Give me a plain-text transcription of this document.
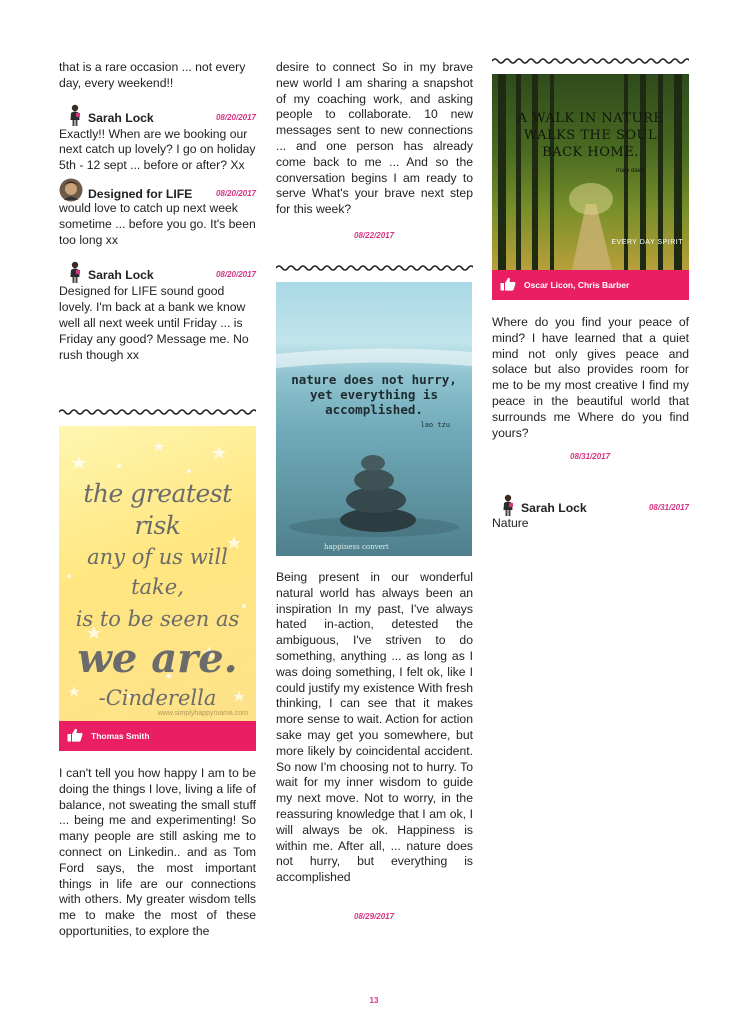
that is a rare occasion ... not every day, every weekend!!

Sarah Lock	08/20/2017

Exactly!! When are we booking our next catch up lovely? I go on holiday 5th - 12 sept ... before or after? Xx

Designed for LIFE	08/20/2017

would love to catch up next week sometime ... before you go. It's been too long xx

Sarah Lock	08/20/2017

Designed for LIFE sound good lovely. I'm back at a bank we know well all next week until Friday ... is Friday any good? Message me. No rush though xx

the greatest risk
any of us will take,
is to be seen as
we are.
-Cinderella
www.simplyhappymama.com
Thomas Smith

I can't tell you how happy I am to be doing the things I love, living a life of balance, not sweating the small stuff ... being me and experimenting! So many people are still asking me to connect on Linkedin.. and as Tom Ford says, the most important things in life are our connections with others. My greater wisdom tells me to make the most of these opportunities, to explore the

desire to connect So in my brave new world I am sharing a snapshot of my coaching work, and asking people to collaborate. 10 new messages sent to new connections ... and one person has already come back to me ... And so the conversation begins I am ready to serve What's your brave next step for this week?

08/22/2017
nature does not hurry,
yet everything is
accomplished.
lao tzu
happiness convert

Being present in our wonderful natural world has always been an inspiration In my past, I've always hated in-action, detested the ambiguous, I've striven to do something, anything ... as long as I was doing something, I felt ok, like I could justify my existence With fresh thinking, I can see that it makes more sense to wait. Action for action sake may get you somewhere, but more likely by coincidental accident. So now I'm choosing not to hurry. To wait for my inner wisdom to guide my next move. Not to worry, in the reassuring knowledge that I am ok, I will always be ok. Happiness is within me. After all, ... nature does not hurry, but everything is accomplished

08/29/2017
A WALK IN NATURE
WALKS THE SOUL
BACK HOME.
mary davis
EVERY DAY SPIRIT
Oscar Licon, Chris Barber

Where do you find your peace of mind? I have learned that a quiet mind not only gives peace and solace but also provides room for me to be my most creative I find my peace in the beautiful world that surrounds me Where do you find yours?

08/31/2017
Sarah Lock	08/31/2017

Nature

13
